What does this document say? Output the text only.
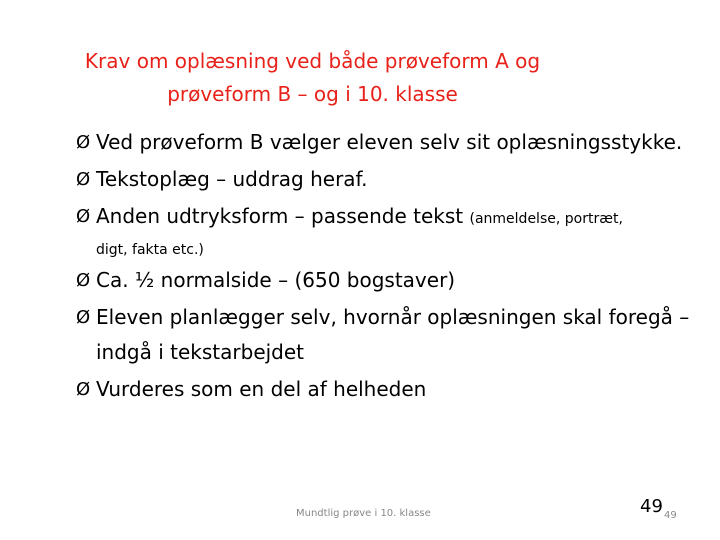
Krav om oplæsning ved både prøveform A og
prøveform B – og i 10. klasse
Ø Ved prøveform B vælger eleven selv sit oplæsningsstykke.
Ø Tekstoplæg – uddrag heraf.
Ø Anden udtryksform – passende tekst (anmeldelse, portræt,
digt, fakta etc.)
Ø Ca. ½ normalside – (650 bogstaver)
Ø Eleven planlægger selv, hvornår oplæsningen skal foregå – indgå i tekstarbejdet
Ø Vurderes som en del af helheden
Mundtlig prøve i 10. klasse	49 49
